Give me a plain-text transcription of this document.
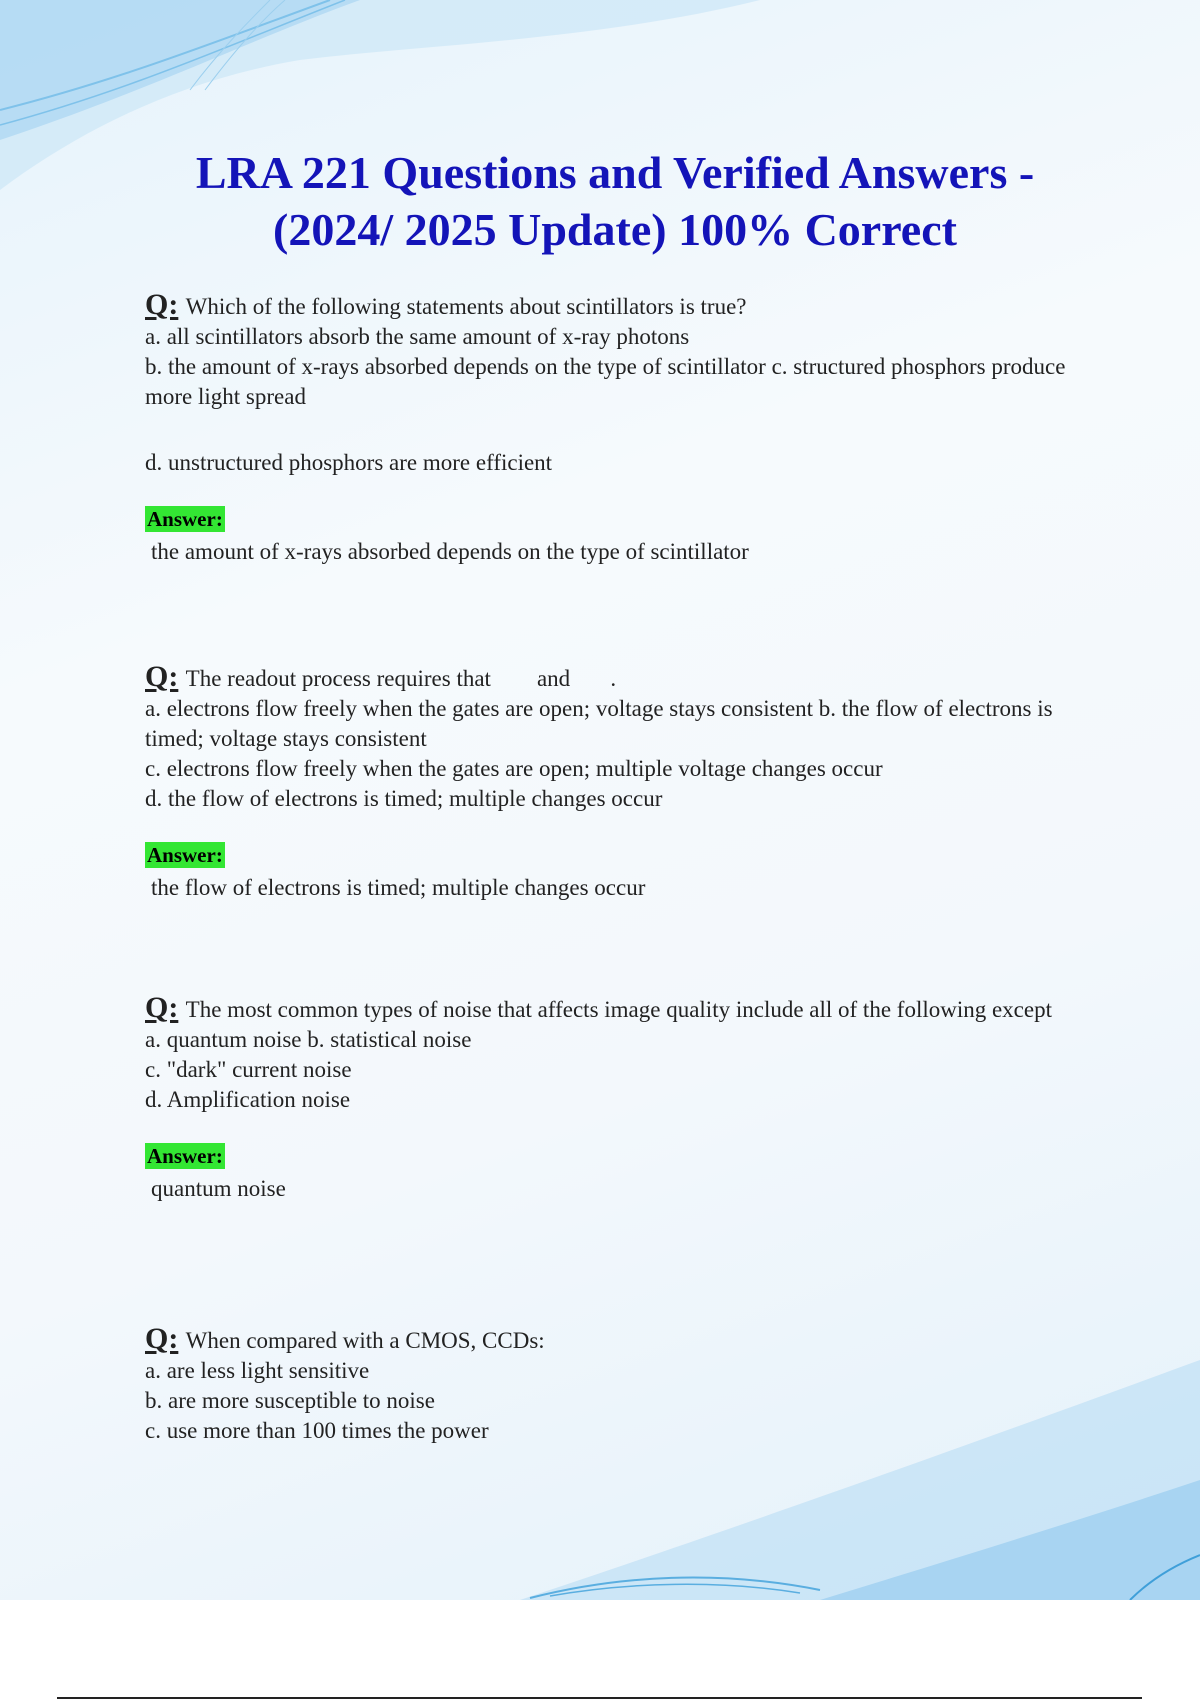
LRA 221 Questions and Verified Answers -
(2024/ 2025 Update) 100% Correct

Q: Which of the following statements about scintillators is true?

a. all scintillators absorb the same amount of x-ray photons

b. the amount of x-rays absorbed depends on the type of scintillator c. structured phosphors produce more light spread

d. unstructured phosphors are more efficient

Answer:

the amount of x-rays absorbed depends on the type of scintillator

Q: The readout process requires that        and       .

a. electrons flow freely when the gates are open; voltage stays consistent b. the flow of electrons is timed; voltage stays consistent

c. electrons flow freely when the gates are open; multiple voltage changes occur

d. the flow of electrons is timed; multiple changes occur

Answer:

the flow of electrons is timed; multiple changes occur

Q: The most common types of noise that affects image quality include all of the following except

a. quantum noise b. statistical noise

c. "dark" current noise

d. Amplification noise

Answer:

quantum noise

Q: When compared with a CMOS, CCDs:

a. are less light sensitive

b. are more susceptible to noise

c. use more than 100 times the power
